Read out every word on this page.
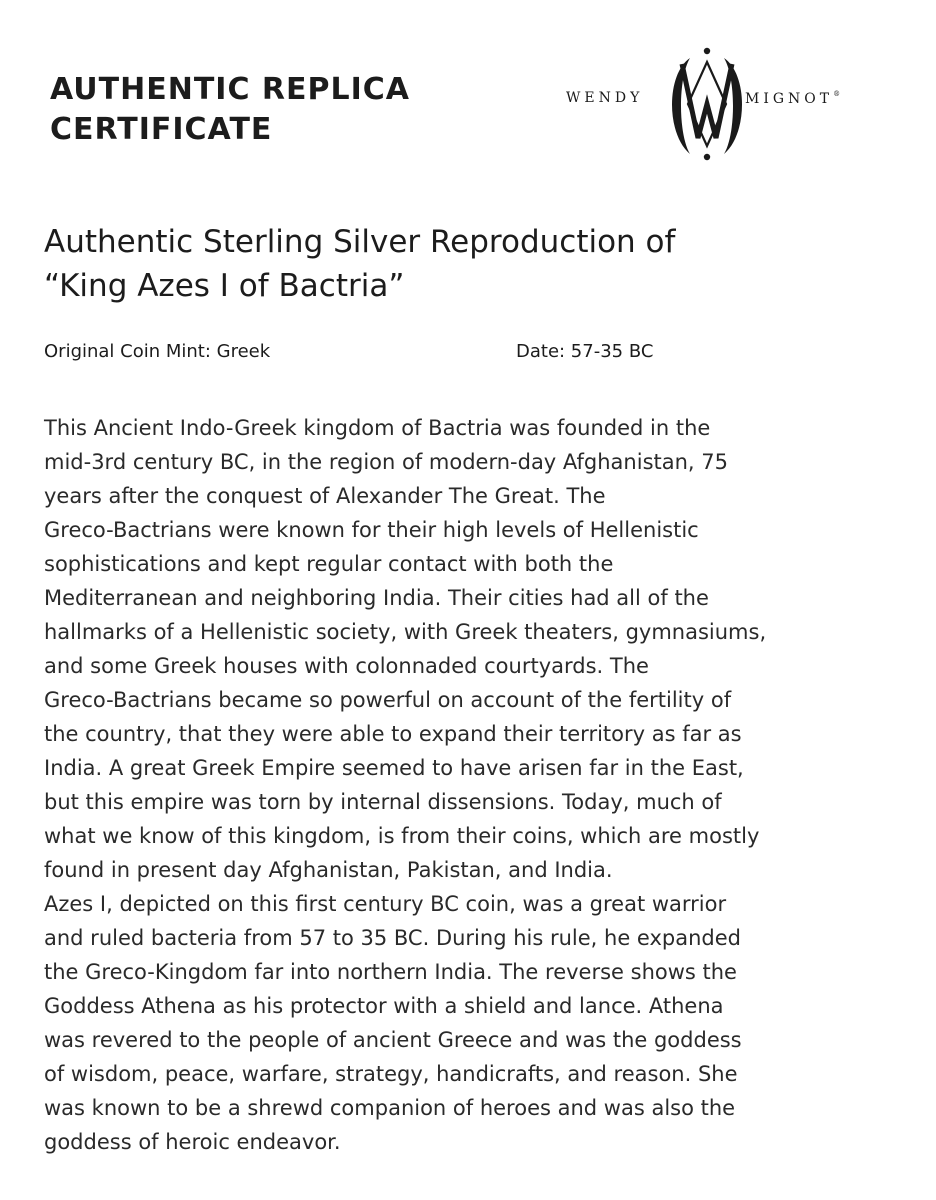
AUTHENTIC REPLICA
CERTIFICATE
WENDY	MIGNOT®
Authentic Sterling Silver Reproduction of
“King Azes I of Bactria”
Original Coin Mint: Greek	Date: 57-35 BC

This Ancient Indo-Greek kingdom of Bactria was founded in the
mid-3rd century BC, in the region of modern-day Afghanistan, 75
years after the conquest of Alexander The Great. The
Greco-Bactrians were known for their high levels of Hellenistic
sophistications and kept regular contact with both the
Mediterranean and neighboring India. Their cities had all of the
hallmarks of a Hellenistic society, with Greek theaters, gymnasiums,
and some Greek houses with colonnaded courtyards. The
Greco-Bactrians became so powerful on account of the fertility of
the country, that they were able to expand their territory as far as
India. A great Greek Empire seemed to have arisen far in the East,
but this empire was torn by internal dissensions. Today, much of
what we know of this kingdom, is from their coins, which are mostly
found in present day Afghanistan, Pakistan, and India.

Azes I, depicted on this first century BC coin, was a great warrior
and ruled bacteria from 57 to 35 BC. During his rule, he expanded
the Greco-Kingdom far into northern India. The reverse shows the
Goddess Athena as his protector with a shield and lance. Athena
was revered to the people of ancient Greece and was the goddess
of wisdom, peace, warfare, strategy, handicrafts, and reason. She
was known to be a shrewd companion of heroes and was also the
goddess of heroic endeavor.
